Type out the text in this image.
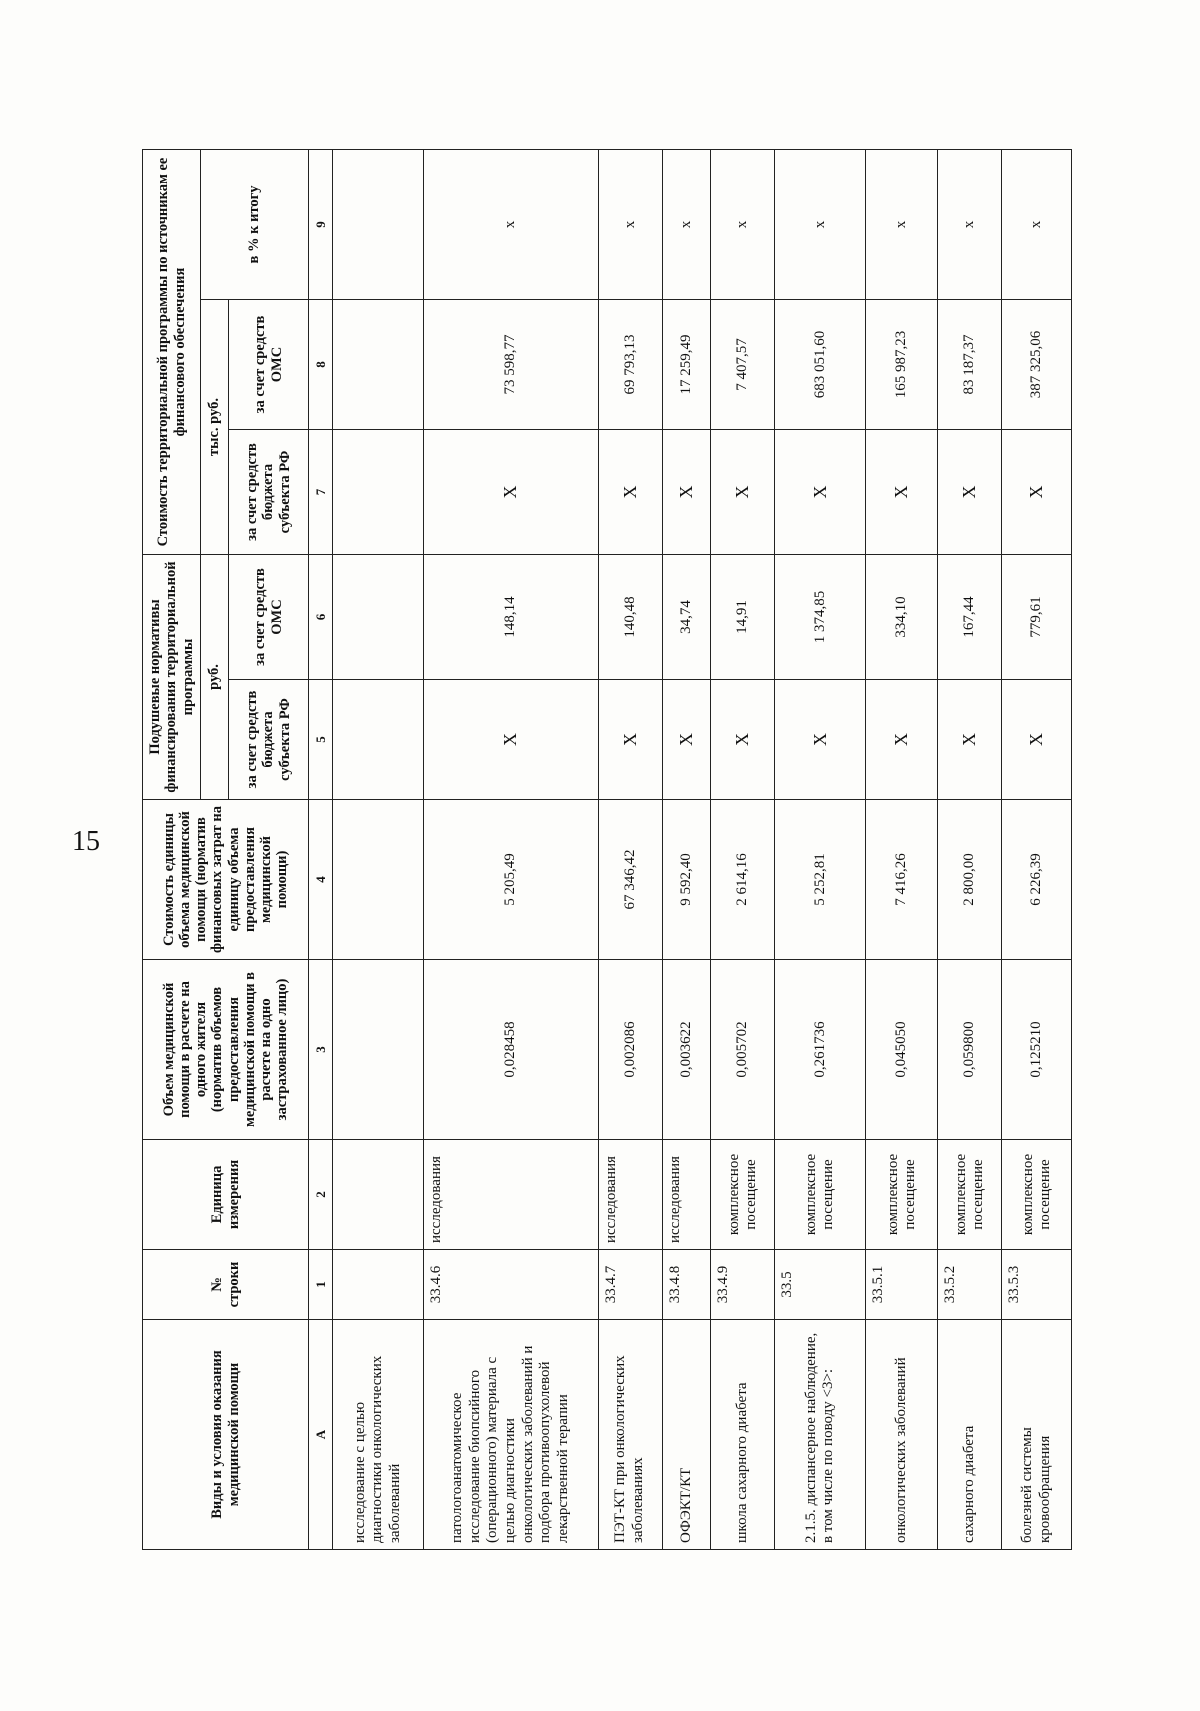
15
Виды и условия оказания медицинской помощи	№ строки	Единица измерения	Объем медицинской помощи в расчете на одного жителя (норматив объемов предоставления медицинской помощи в расчете на одно застрахованное лицо)	Стоимость единицы объема медицинской помощи (норматив финансовых затрат на единицу объема предоставления медицинской помощи)	Подушевые нормативы финансирования территориальной программы		Стоимость территориальной программы по источникам ее финансового обеспечения		
					руб.		тыс. руб.		в % к итогу
					за счет средств бюджета субъекта РФ	за счет средств ОМС	за счет средств бюджета субъекта РФ	за счет средств ОМС	
А	1	2	3	4	5	6	7	8	9
исследование с целью диагностики онкологических заболеваний									
патологоанатомическое исследование биопсийного (операционного) материала с целью диагностики онкологических заболеваний и подбора противоопухолевой лекарственной терапии	33.4.6	исследования	0,028458	5 205,49	Х	148,14	Х	73 598,77	х
ПЭТ-КТ при онкологических заболеваниях	33.4.7	исследования	0,002086	67 346,42	Х	140,48	Х	69 793,13	х
ОФЭКТ/КТ	33.4.8	исследования	0,003622	9 592,40	Х	34,74	Х	17 259,49	х
школа сахарного диабета	33.4.9	комплексное посещение	0,005702	2 614,16	Х	14,91	Х	7 407,57	х
2.1.5. диспансерное наблюдение, в том числе по поводу <3>:	33.5	комплексное посещение	0,261736	5 252,81	Х	1 374,85	Х	683 051,60	х
онкологических заболеваний	33.5.1	комплексное посещение	0,045050	7 416,26	Х	334,10	Х	165 987,23	х
сахарного диабета	33.5.2	комплексное посещение	0,059800	2 800,00	Х	167,44	Х	83 187,37	х
болезней системы кровообращения	33.5.3	комплексное посещение	0,125210	6 226,39	Х	779,61	Х	387 325,06	х
